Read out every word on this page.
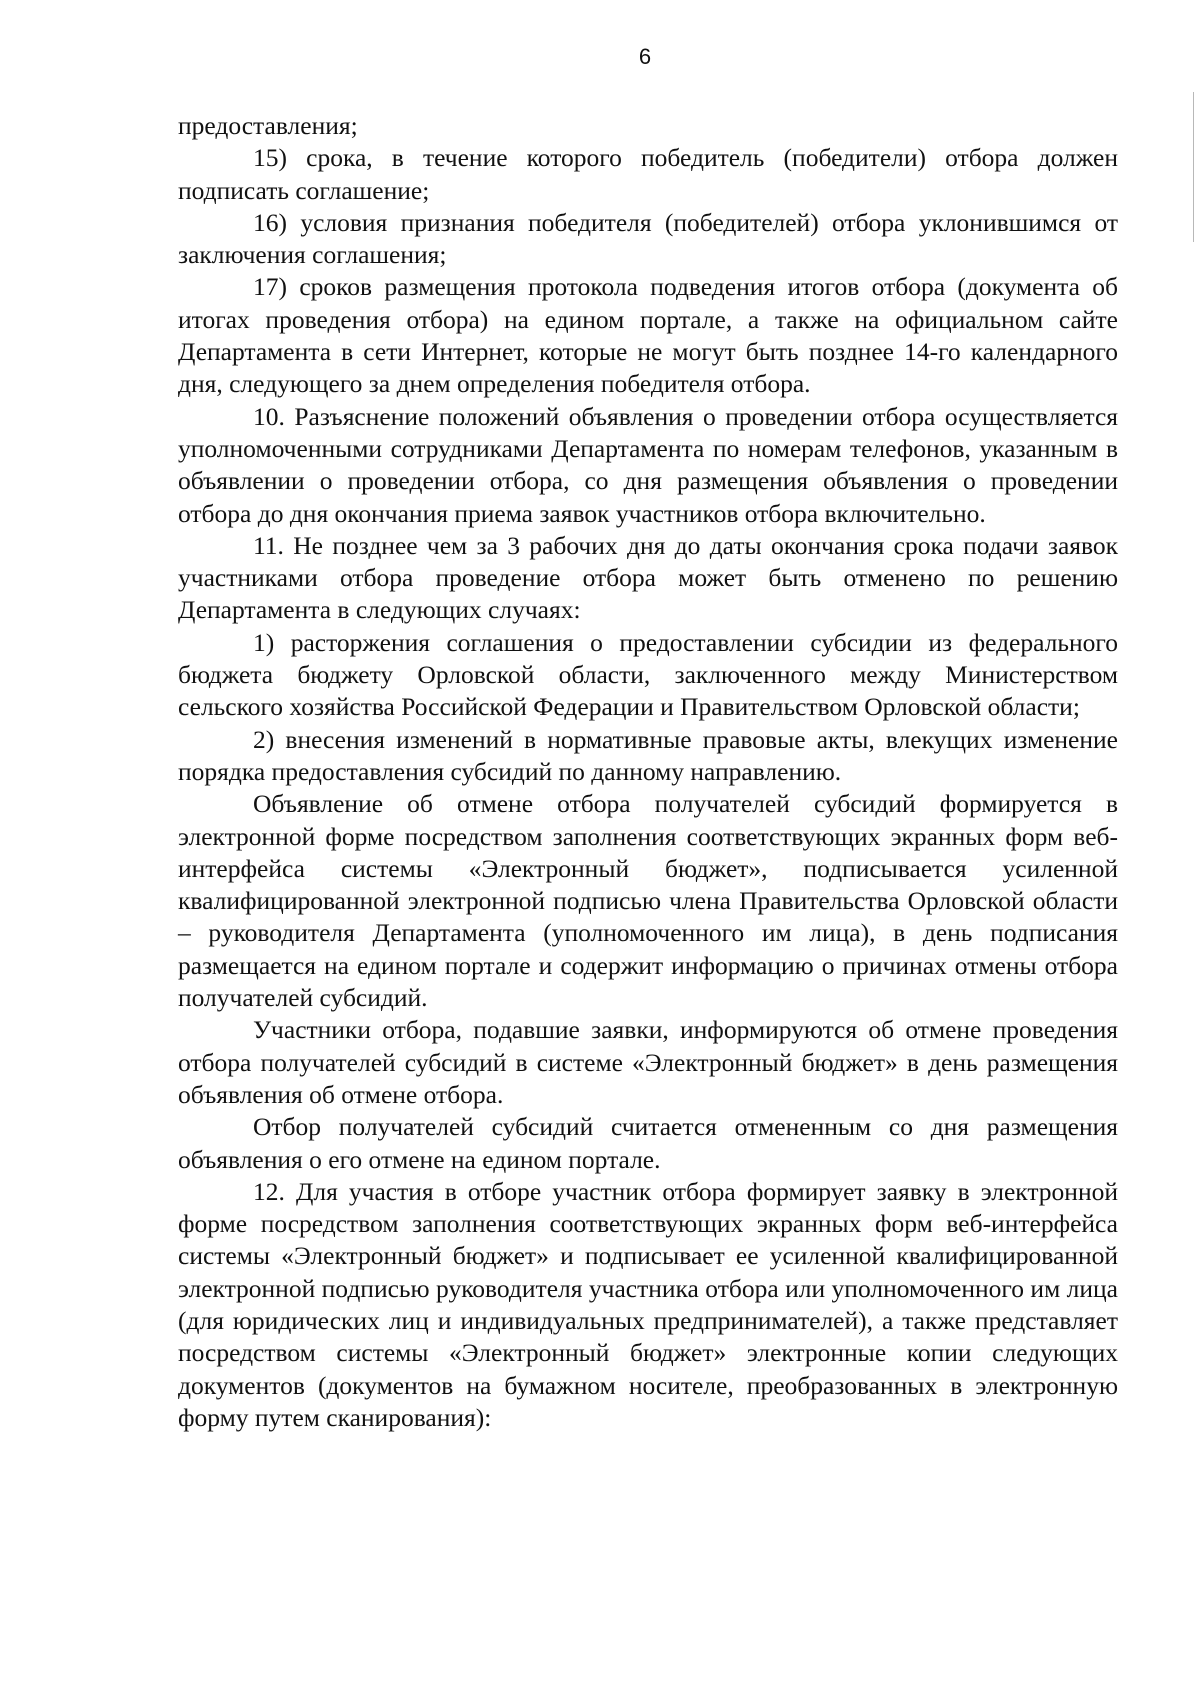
6

предоставления;

15) срока, в течение которого победитель (победители) отбора должен подписать соглашение;

16) условия признания победителя (победителей) отбора уклонившимся от заключения соглашения;

17) сроков размещения протокола подведения итогов отбора (документа об итогах проведения отбора) на едином портале, а также на официальном сайте Департамента в сети Интернет, которые не могут быть позднее 14-го календарного дня, следующего за днем определения победителя отбора.

10. Разъяснение положений объявления о проведении отбора осуществляется уполномоченными сотрудниками Департамента по номерам телефонов, указанным в объявлении о проведении отбора, со дня размещения объявления о проведении отбора до дня окончания приема заявок участников отбора включительно.

11. Не позднее чем за 3 рабочих дня до даты окончания срока подачи заявок участниками отбора проведение отбора может быть отменено по решению Департамента в следующих случаях:

1) расторжения соглашения о предоставлении субсидии из федерального бюджета бюджету Орловской области, заключенного между Министерством сельского хозяйства Российской Федерации и Правительством Орловской области;

2) внесения изменений в нормативные правовые акты, влекущих изменение порядка предоставления субсидий по данному направлению.

Объявление об отмене отбора получателей субсидий формируется в электронной форме посредством заполнения соответствующих экранных форм веб-интерфейса системы «Электронный бюджет», подписывается усиленной квалифицированной электронной подписью члена Правительства Орловской области – руководителя Департамента (уполномоченного им лица), в день подписания размещается на едином портале и содержит информацию о причинах отмены отбора получателей субсидий.

Участники отбора, подавшие заявки, информируются об отмене проведения отбора получателей субсидий в системе «Электронный бюджет» в день размещения объявления об отмене отбора.

Отбор получателей субсидий считается отмененным со дня размещения объявления о его отмене на едином портале.

12. Для участия в отборе участник отбора формирует заявку в электронной форме посредством заполнения соответствующих экранных форм веб-интерфейса системы «Электронный бюджет» и подписывает ее усиленной квалифицированной электронной подписью руководителя участника отбора или уполномоченного им лица (для юридических лиц и индивидуальных предпринимателей), а также представляет посредством системы «Электронный бюджет» электронные копии следующих документов (документов на бумажном носителе, преобразованных в электронную форму путем сканирования):
